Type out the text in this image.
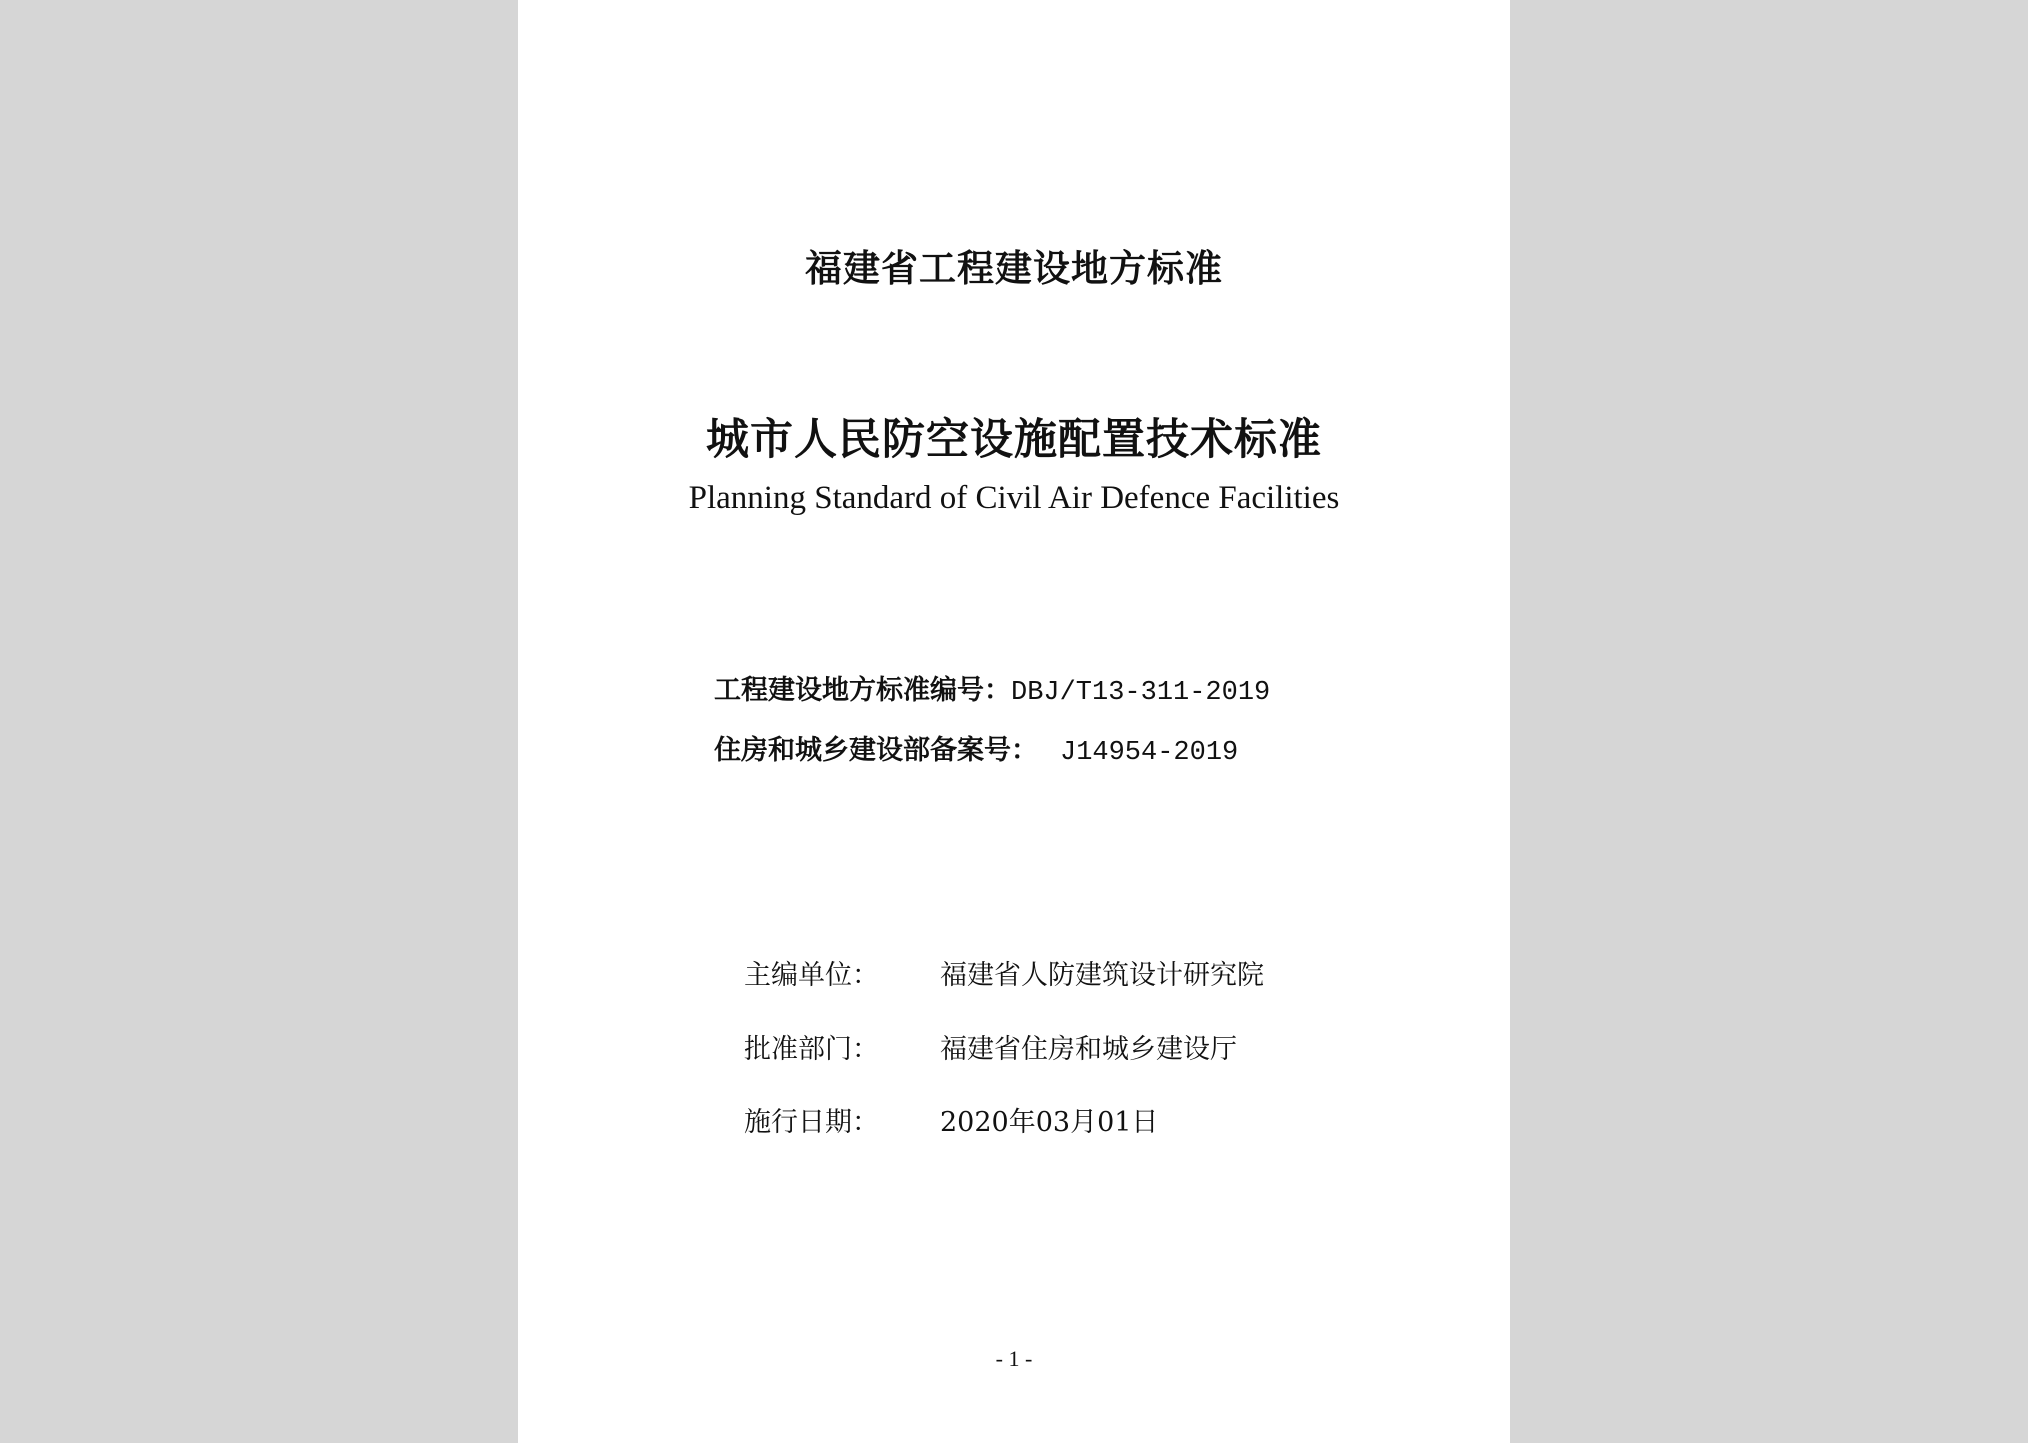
福建省工程建设地方标准
城市人民防空设施配置技术标准
Planning Standard of Civil Air Defence Facilities
工程建设地方标准编号：DBJ/T13-311-2019
住房和城乡建设部备案号： J14954-2019
主编单位： 福建省人防建筑设计研究院
批准部门： 福建省住房和城乡建设厅
施行日期： 2020年03月01日
- 1 -
